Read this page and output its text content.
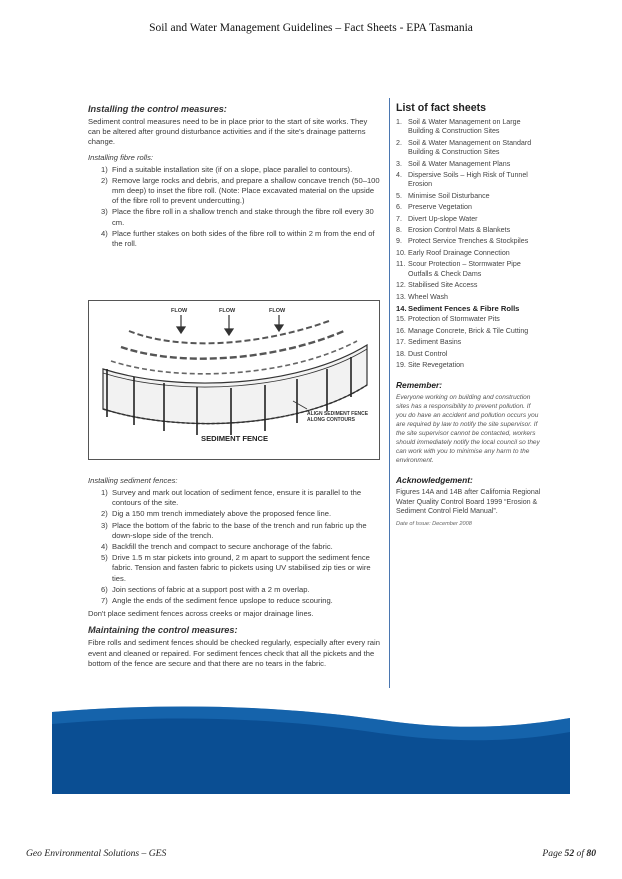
Soil and Water Management Guidelines – Fact Sheets - EPA Tasmania
Installing the control measures:

Sediment control measures need to be in place prior to the start of site works. They can be altered after ground disturbance activities and if the site's drainage patterns change.

Installing fibre rolls:
1) Find a suitable installation site (if on a slope, place parallel to contours).
2) Remove large rocks and debris, and prepare a shallow concave trench (50–100 mm deep) to inset the fibre roll. (Note: Place excavated material on the upside of the fibre roll to prevent undercutting.)
3) Place the fibre roll in a shallow trench and stake through the fibre roll every 30 cm.
4) Place further stakes on both sides of the fibre roll to within 2 m from the end of the roll.
FLOW	FLOW	FLOW
ALIGN SEDIMENT FENCE
ALONG CONTOURS
SEDIMENT FENCE
Installing sediment fences:
1) Survey and mark out location of sediment fence, ensure it is parallel to the contours of the site.
2) Dig a 150 mm trench immediately above the proposed fence line.
3) Place the bottom of the fabric to the base of the trench and run fabric up the down-slope side of the trench.
4) Backfill the trench and compact to secure anchorage of the fabric.
5) Drive 1.5 m star pickets into ground, 2 m apart to support the sediment fence fabric. Tension and fasten fabric to pickets using UV stabilised zip ties or wire ties.
6) Join sections of fabric at a support post with a 2 m overlap.
7) Angle the ends of the sediment fence upslope to reduce scouring.

Don't place sediment fences across creeks or major drainage lines.

Maintaining the control measures:

Fibre rolls and sediment fences should be checked regularly, especially after every rain event and cleaned or repaired. For sediment fences check that all the pickets and the bottom of the fence are secure and that there are no tears in the fabric.

List of fact sheets
1. Soil & Water Management on Large Building & Construction Sites
2. Soil & Water Management on Standard Building & Construction Sites
3. Soil & Water Management Plans
4. Dispersive Soils – High Risk of Tunnel Erosion
5. Minimise Soil Disturbance
6. Preserve Vegetation
7. Divert Up-slope Water
8. Erosion Control Mats & Blankets
9. Protect Service Trenches & Stockpiles
10. Early Roof Drainage Connection
11. Scour Protection – Stormwater Pipe Outfalls & Check Dams
12. Stabilised Site Access
13. Wheel Wash
14. Sediment Fences & Fibre Rolls
15. Protection of Stormwater Pits
16. Manage Concrete, Brick & Tile Cutting
17. Sediment Basins
18. Dust Control
19. Site Revegetation
Remember:

Everyone working on building and construction sites has a responsibility to prevent pollution. If you do have an accident and pollution occurs you are required by law to notify the site supervisor. If the site supervisor cannot be contacted, workers should immediately notify the local council so they can work with you to minimise any harm to the environment.

Acknowledgement:

Figures 14A and 14B after California Regional Water Quality Control Board 1999 “Erosion & Sediment Control Field Manual”.

Date of Issue: December 2008

Geo Environmental Solutions – GES	Page 52 of 80
